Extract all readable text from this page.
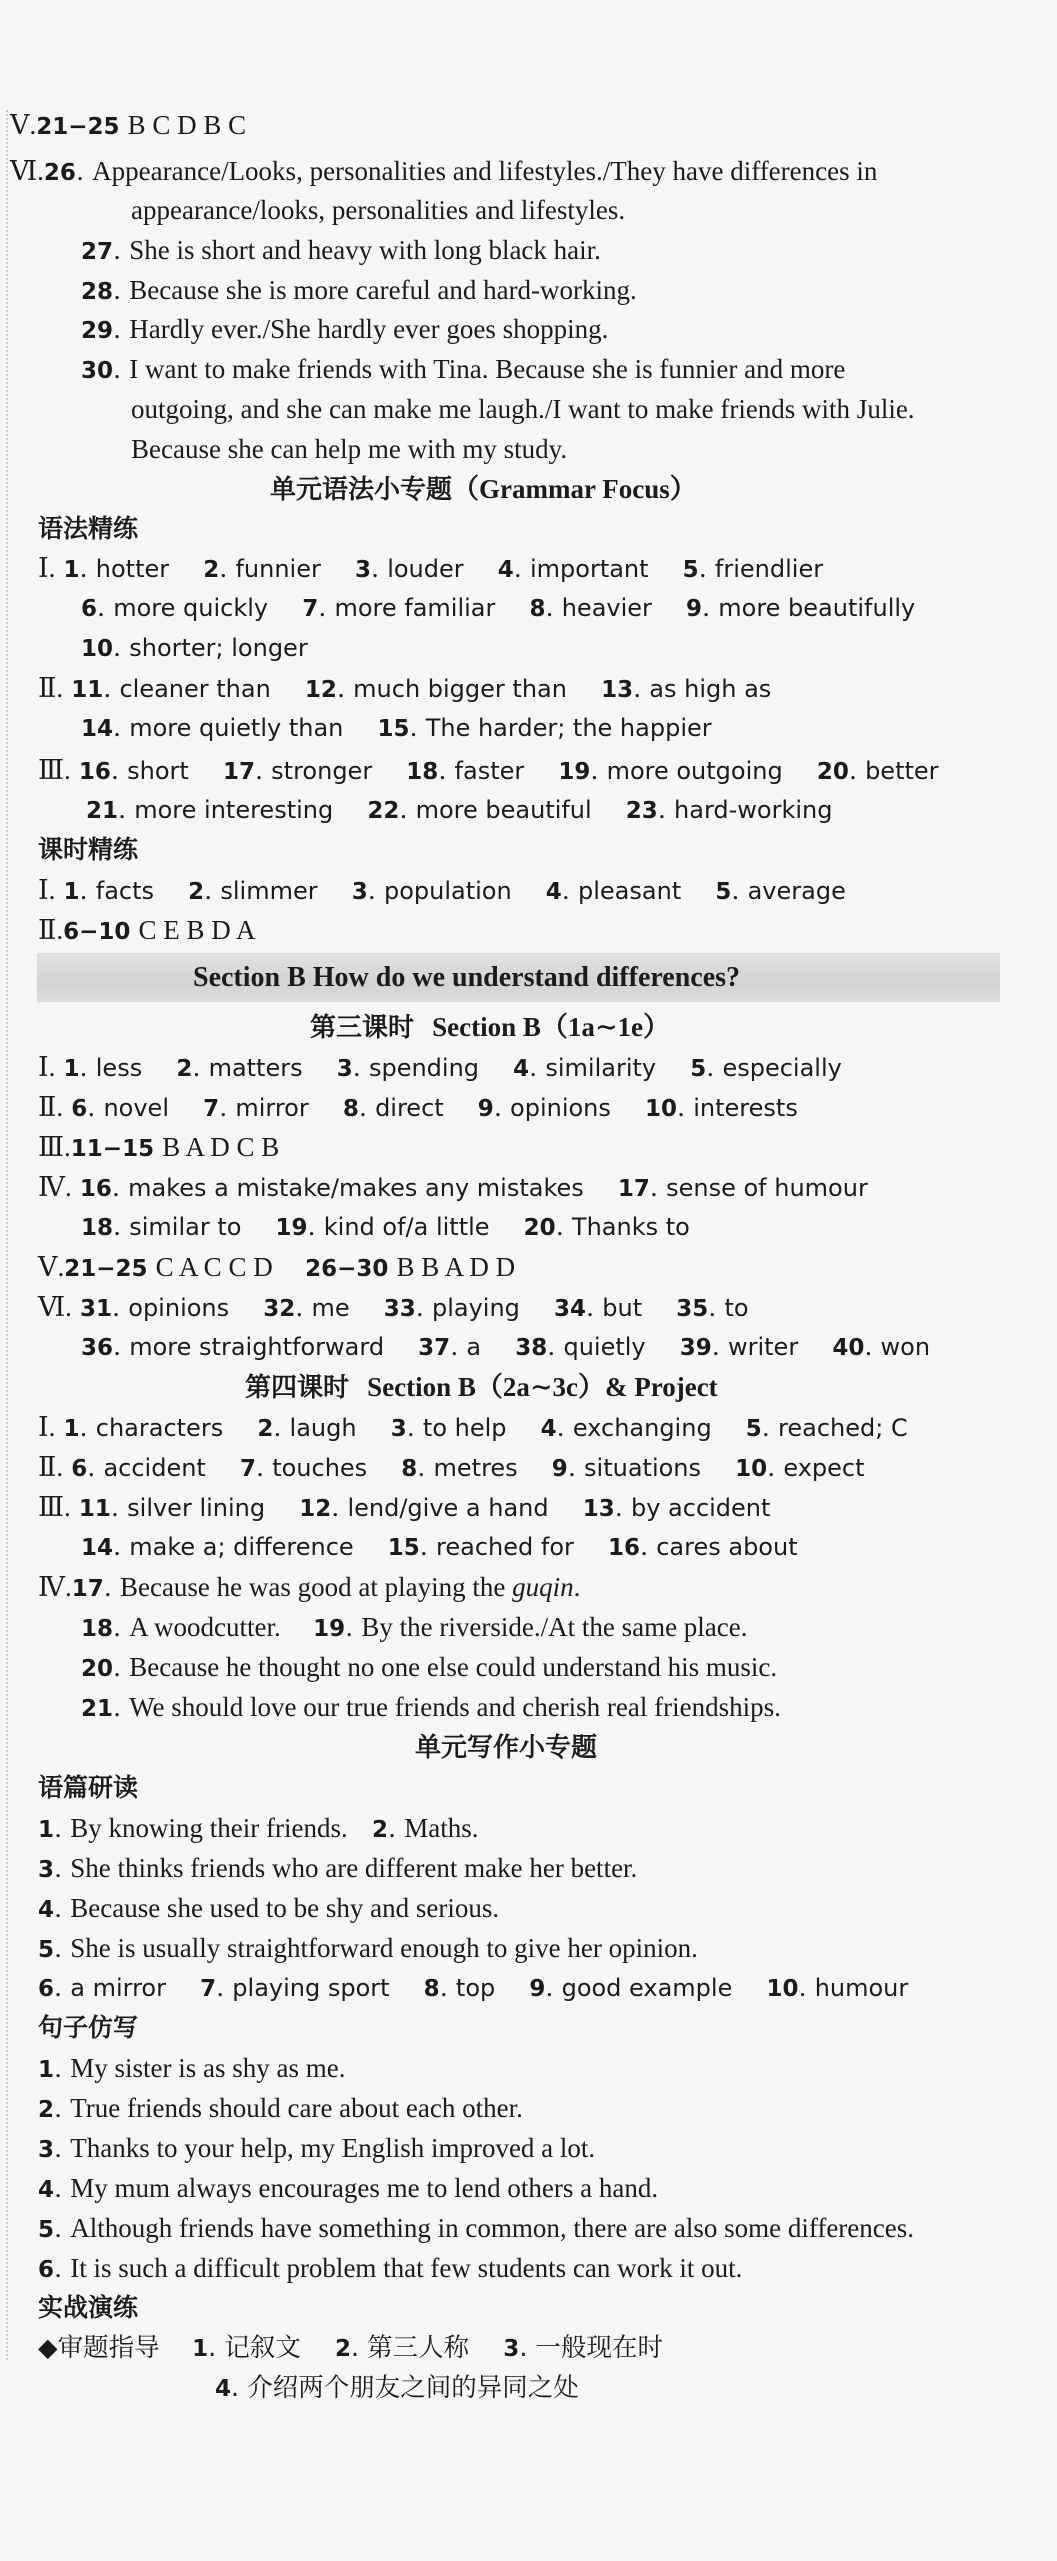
Ⅴ.21−25 B C D B C
Ⅵ.26. Appearance/Looks, personalities and lifestyles./They have differences in
appearance/looks, personalities and lifestyles.
27. She is short and heavy with long black hair.
28. Because she is more careful and hard-working.
29. Hardly ever./She hardly ever goes shopping.
30. I want to make friends with Tina. Because she is funnier and more
outgoing, and she can make me laugh./I want to make friends with Julie.
Because she can help me with my study.
单元语法小专题（Grammar Focus）
语法精练
Ⅰ. 1. hotter 2. funnier 3. louder 4. important 5. friendlier
6. more quickly 7. more familiar 8. heavier 9. more beautifully
10. shorter; longer
Ⅱ. 11. cleaner than 12. much bigger than 13. as high as
14. more quietly than 15. The harder; the happier
Ⅲ. 16. short 17. stronger 18. faster 19. more outgoing 20. better
21. more interesting 22. more beautiful 23. hard-working
课时精练
Ⅰ. 1. facts 2. slimmer 3. population 4. pleasant 5. average
Ⅱ.6−10 C E B D A
Section B How do we understand differences?
第三课时 Section B（1a∼1e）
Ⅰ. 1. less 2. matters 3. spending 4. similarity 5. especially
Ⅱ. 6. novel 7. mirror 8. direct 9. opinions 10. interests
Ⅲ.11−15 B A D C B
Ⅳ. 16. makes a mistake/makes any mistakes 17. sense of humour
18. similar to 19. kind of/a little 20. Thanks to
Ⅴ.21−25 C A C C D 26−30 B B A D D
Ⅵ. 31. opinions 32. me 33. playing 34. but 35. to
36. more straightforward 37. a 38. quietly 39. writer 40. won
第四课时 Section B（2a∼3c）& Project
Ⅰ. 1. characters 2. laugh 3. to help 4. exchanging 5. reached; C
Ⅱ. 6. accident 7. touches 8. metres 9. situations 10. expect
Ⅲ. 11. silver lining 12. lend/give a hand 13. by accident
14. make a; difference 15. reached for 16. cares about
Ⅳ.17. Because he was good at playing the guqin.
18. A woodcutter. 19. By the riverside./At the same place.
20. Because he thought no one else could understand his music.
21. We should love our true friends and cherish real friendships.
单元写作小专题
语篇研读
1. By knowing their friends. 2. Maths.
3. She thinks friends who are different make her better.
4. Because she used to be shy and serious.
5. She is usually straightforward enough to give her opinion.
6. a mirror 7. playing sport 8. top 9. good example 10. humour
句子仿写
1. My sister is as shy as me.
2. True friends should care about each other.
3. Thanks to your help, my English improved a lot.
4. My mum always encourages me to lend others a hand.
5. Although friends have something in common, there are also some differences.
6. It is such a difficult problem that few students can work it out.
实战演练
◆审题指导 1. 记叙文 2. 第三人称 3. 一般现在时
4. 介绍两个朋友之间的异同之处
